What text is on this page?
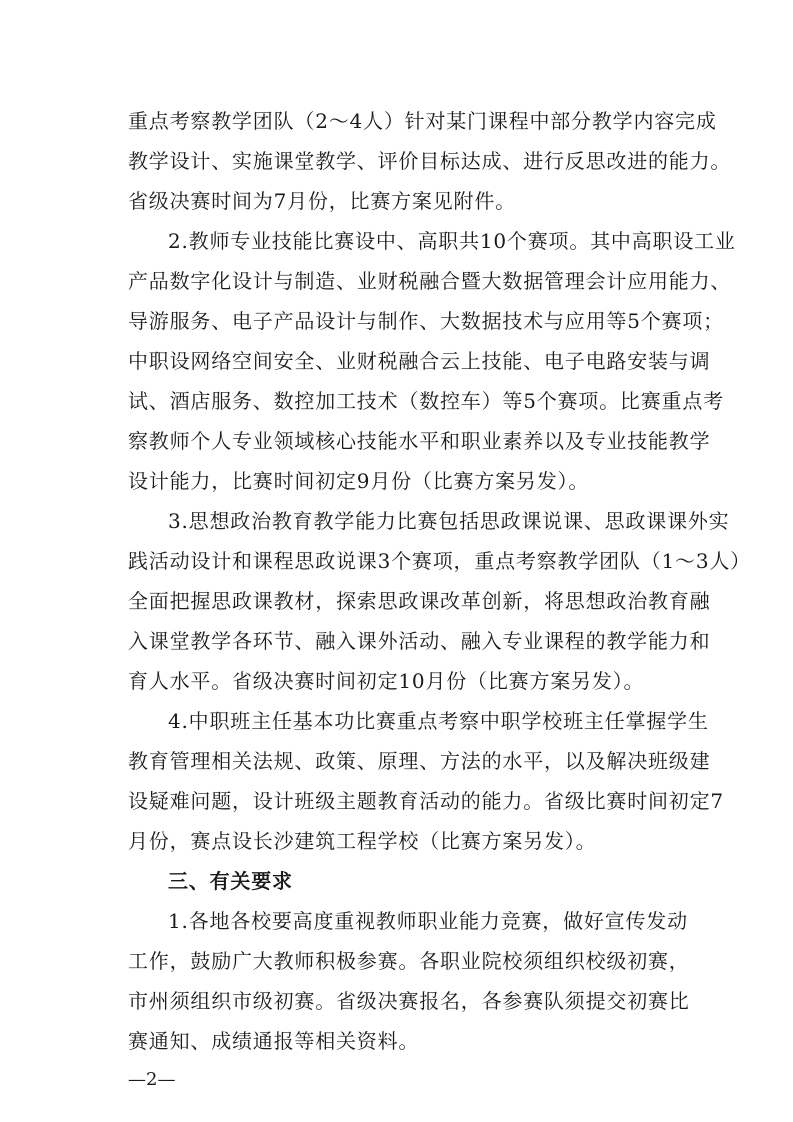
重点考察教学团队（2～4人）针对某门课程中部分教学内容完成
教学设计、实施课堂教学、评价目标达成、进行反思改进的能力。
省级决赛时间为7月份，比赛方案见附件。
2.教师专业技能比赛设中、高职共10个赛项。其中高职设工业
产品数字化设计与制造、业财税融合暨大数据管理会计应用能力、
导游服务、电子产品设计与制作、大数据技术与应用等5个赛项；
中职设网络空间安全、业财税融合云上技能、电子电路安装与调
试、酒店服务、数控加工技术（数控车）等5个赛项。比赛重点考
察教师个人专业领域核心技能水平和职业素养以及专业技能教学
设计能力，比赛时间初定9月份（比赛方案另发）。
3.思想政治教育教学能力比赛包括思政课说课、思政课课外实
践活动设计和课程思政说课3个赛项，重点考察教学团队（1～3人）
全面把握思政课教材，探索思政课改革创新，将思想政治教育融
入课堂教学各环节、融入课外活动、融入专业课程的教学能力和
育人水平。省级决赛时间初定10月份（比赛方案另发）。
4.中职班主任基本功比赛重点考察中职学校班主任掌握学生
教育管理相关法规、政策、原理、方法的水平，以及解决班级建
设疑难问题，设计班级主题教育活动的能力。省级比赛时间初定7
月份，赛点设长沙建筑工程学校（比赛方案另发）。
三、有关要求
1.各地各校要高度重视教师职业能力竞赛，做好宣传发动
工作，鼓励广大教师积极参赛。各职业院校须组织校级初赛，
市州须组织市级初赛。省级决赛报名，各参赛队须提交初赛比
赛通知、成绩通报等相关资料。
—2—
